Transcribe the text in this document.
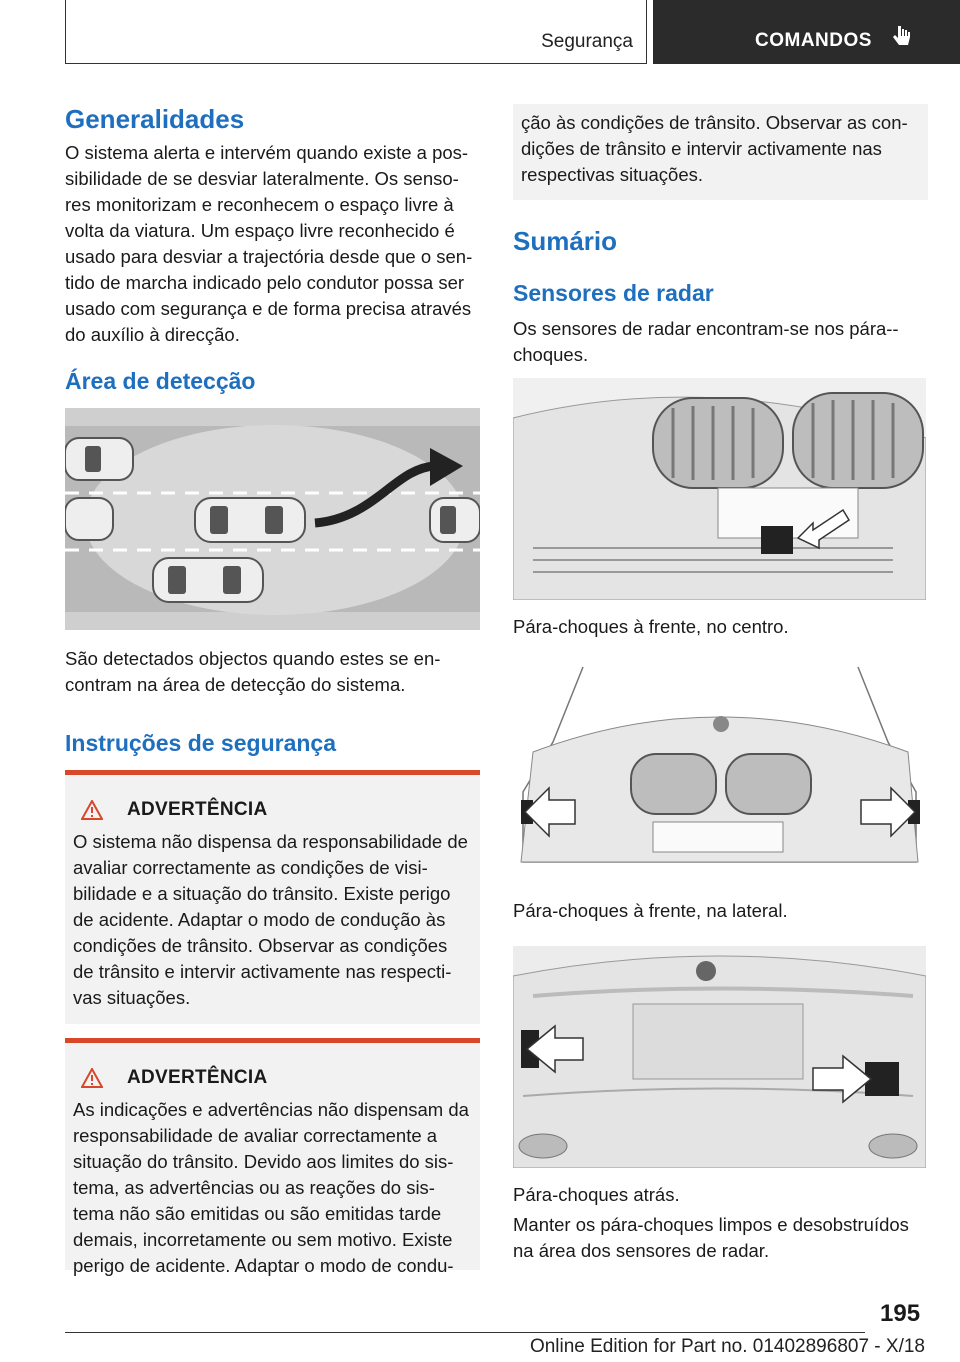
Segurança	COMANDOS
Generalidades

O sistema alerta e intervém quando existe a pos-sibilidade de se desviar lateralmente. Os senso-res monitorizam e reconhecem o espaço livre à volta da viatura. Um espaço livre reconhecido é usado para desviar a trajectória desde que o sen-tido de marcha indicado pelo condutor possa ser usado com segurança e de forma precisa através do auxílio à direcção.

Área de detecção

São detectados objectos quando estes se en-contram na área de detecção do sistema.

Instruções de segurança
ADVERTÊNCIA

O sistema não dispensa da responsabilidade de avaliar correctamente as condições de visi-bilidade e a situação do trânsito. Existe perigo de acidente. Adaptar o modo de condução às condições de trânsito. Observar as condições de trânsito e intervir activamente nas respecti-vas situações.

ADVERTÊNCIA

As indicações e advertências não dispensam da responsabilidade de avaliar correctamente a situação do trânsito. Devido aos limites do sis-tema, as advertências ou as reações do sis-tema não são emitidas ou são emitidas tarde demais, incorretamente ou sem motivo. Existe perigo de acidente. Adaptar o modo de condu-

ção às condições de trânsito. Observar as con-dições de trânsito e intervir activamente nas respectivas situações.

Sumário
Sensores de radar

Os sensores de radar encontram-se nos pára--choques.

Pára-choques à frente, no centro.

Pára-choques à frente, na lateral.

Pára-choques atrás.

Manter os pára-choques limpos e desobstruídos na área dos sensores de radar.

195
Online Edition for Part no. 01402896807 - X/18
